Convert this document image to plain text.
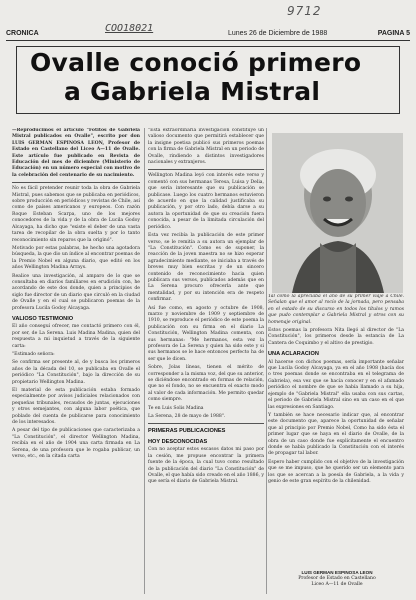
9712
COO18021
CRONICA	Lunes 26 de Diciembre de 1988	PAGINA 5
Ovalle conoció primero
a Gabriela Mistral

—Reproducimos el artículo "Fotitos de Gabriela Mistral publicados en Ovalle", escrito por don LUIS GERMAN ESPINOSA LEON, Profesor de Estado en Castellano del Liceo A—11 de Ovalle. Este artículo fue publicado en Revista de Educación del mes de diciembre (Ministerio de Educación) en un número especial con motivo de la celebración del centenario de su nacimiento.

No es fácil pretender reunir toda la obra de Gabriela Mistral, pues sabemos que se publicaba en periódicos, sobre producción en periódicos y revistas de Chile, así como de países americanos y europeos. Con razón Roque Esteban Scarpa, uno de los mejores conocedores de la vida y de la obra de Lucila Godoy Alcayaga, ha dicho que "existe el deber de una vasta tarea de recopilar de la obra suelta y por lo tanto reconocimiento sin reparos que la originó".

Motivado por estas palabras, he hecho una agotadora búsqueda, la que dio un índice al encontrar poemas de la Premio Nobel en alguna diario, que editó en los años Wellington Madina Arrays.

Realice una investigación, al amparo de lo que se consultaba en diarios familiares en erudición con, he acordando de este dos donde, quien a principios de siglo fue director de un diario que circuló en la ciudad de Ovalle y en el cual se publicaron poemas de la profesora Lucila Godoy Alcayaga.

VALIOSO TESTIMONIO

El año conseguí ofrecer, me contactó primero con él, por ser, de La Serena. Luis Madina Madina, quien del respuesta a mi inquietud a través de la siguiente carta:

"Estimado señora:

Se confirma ser presente al, de y busca los primeros años de la década del 10, se publicaba en Ovalle el periódico "La Constitución", bajo la dirección de su propietario Wellington Madina.

El material de esta publicación estaba formado especialmente por avisos judiciales relacionados con pequeñas tribunales, recaudos de juntas, ejecuciones y otros semejantes, con alguna labor poética, que poblado del cuenta de publicarse para conocimiento de los interesados.

A pesar del tipo de publicaciones que caracterizaba a "La Constitución", el director Wellington Madina, recibía en el año de 1904 una carta firmada en La Serena, de una profesora que le rogaba publicar, un verso, etc., en la citada carta

"Esta extraordinaria investigación constituye un valioso documento que permitirá establecer que la insigne poetisa publicó sus primeros poemas con la firma de Gabriela Mistral en un periodo de Ovalle, rindiendo a distintos investigadores nacionales y extranjeros.

Wellington Madina leyó con interés este verso y comentó con sus hermanas Teresa, Luisa y Delia, que sería interesante que su publicación se publicase. Luego los cuatro hermanos estuvieron de acuerdo en que la calidad justificaba su publicación, y por otro lado, debía darse a su autora la oportunidad de que su creación fuera conocida, a pesar de la limitada circulación del periódico.

Esta vez recibía la publicación de este primer verso, se le remitía a su autora un ejemplar de "La Constitución". Como es de suponer, la reacción de la joven maestra no se hizo esperar agradecimiento mediante, se iniciaba a través de breves muy bien escritas y de un sincero contenido de reconocimiento hacia quien publicara sus versos, publicados además que en La Serena procuro ofrecerla ante que mentalidad, y por su intención era de respeto confirmar.

Así fue como, en agosto y octubre de 1908, marzo y noviembre de 1909 y septiembre de 1910, se reproduce el periódico de este poema la publicación con su firma en el diario La Constitución, Wellington Madina comenta, con sus hermanas: "Me hermanos, esta vez la profesora de La Serena y quien ha sido este y si sus hermanos se le hace entonces perfecto ha de ser que le dicen.

Sobre, Jolas líneas, tienen el mérito de corresponder a la misma voz, del que su anterior, se diciéndose encontrado en formas de relación, que no el fondo, no se encuentra el exacto modo al valor de cada información. Me permito quedar como siempre.

Te en Luis Solis Madina

La Serena, 28 de mayo de 1988".

PRIMERAS PUBLICACIONES
HOY DESCONOCIDAS

Con no aceptar estos escasos datos mi paso por la cesión, me propuse encontrar la primera fuente de la época, la cual tuvo como resultado de la publicación del diario "La Constitución" de Ovalle, el que había sido creado en el año 1886, y que sería el diario de Gabriela Mistral.

Tal como la apreciaba el año de su primer viaje a Chile. Señalan que el amor al rocío de la jornada, pero pensaba en el estado de su discurso en todos los títulos y ramos que pudo contemplar a Gabriela Mistral y otros con su homenaje original.

Estos poemas la profesora Nita llegó al director de "La Constitución", los primeros desde la estancia de La Cantera de Coquimbo y el altivo de prestigio.

UNA ACLARACION

Al hacerse con dichos poemas, sería importante señalar que Lucila Godoy Alcayaga, ya en el año 1908 (hacía dos o tres poemas donde se encontraba en el telegrama de Gabriela), esa vez que se hacía conocer y en el afamado periódico el nombre de que se había llamado a su hija, ejemplo de "Gabriela Mistral" ella usaba con sus cartas, el periodo de Gabriela Mistral sino en un caso en el que las expresiones en Santiago.

Y también se hace necesario indicar que, al encontrar este documento que, aparece la oportunidad de señalar que al principio por Premio Nobel, Como ha sido ésta el primer lugar que se haya en el diario de Ovalle, de la obra de un caso donde fue explícitamente el encuentro donde se había publicado la Constitución con el interés de propagar tal labor.

Espero haber cumplido con el objetivo de la investigación que se me impuso, que he querido ser un elemento para los que se acercan a la poesía de Gabriela, a la vida y genio de este gran espíritu de la chilenidad.

LUIS GERMAN ESPINOSA LEON
Profesor de Estado en Castellano
Liceo A—11 de Ovalle
